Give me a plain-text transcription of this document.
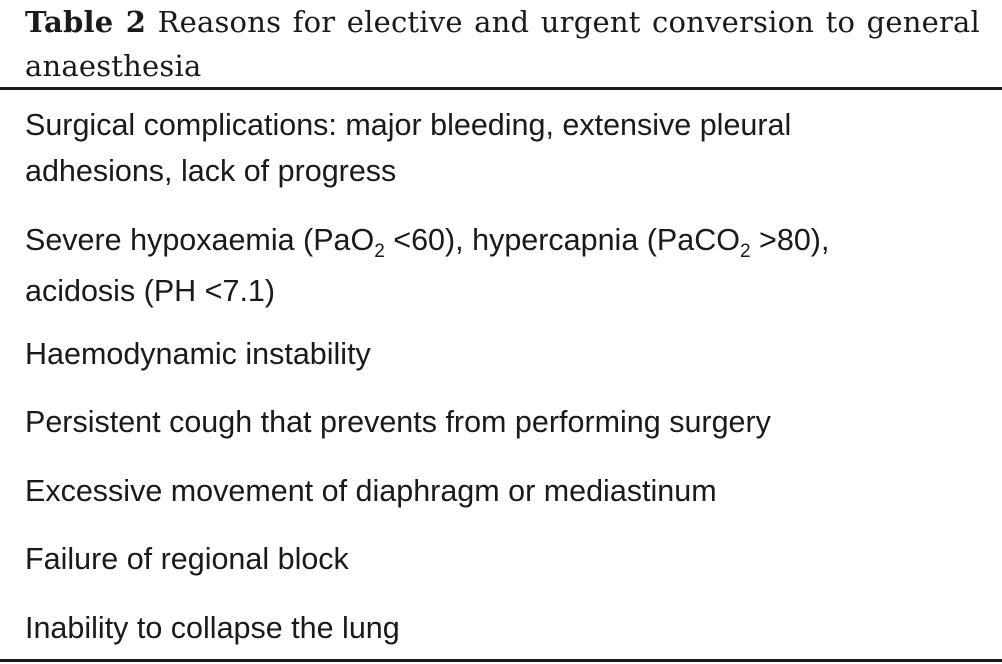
Table 2 Reasons for elective and urgent conversion to general anaesthesia
Surgical complications: major bleeding, extensive pleural
adhesions, lack of progress
Severe hypoxaemia (PaO$_2$ <60), hypercapnia (PaCO$_2$ >80),
acidosis (PH <7.1)
Haemodynamic instability
Persistent cough that prevents from performing surgery
Excessive movement of diaphragm or mediastinum
Failure of regional block
Inability to collapse the lung
